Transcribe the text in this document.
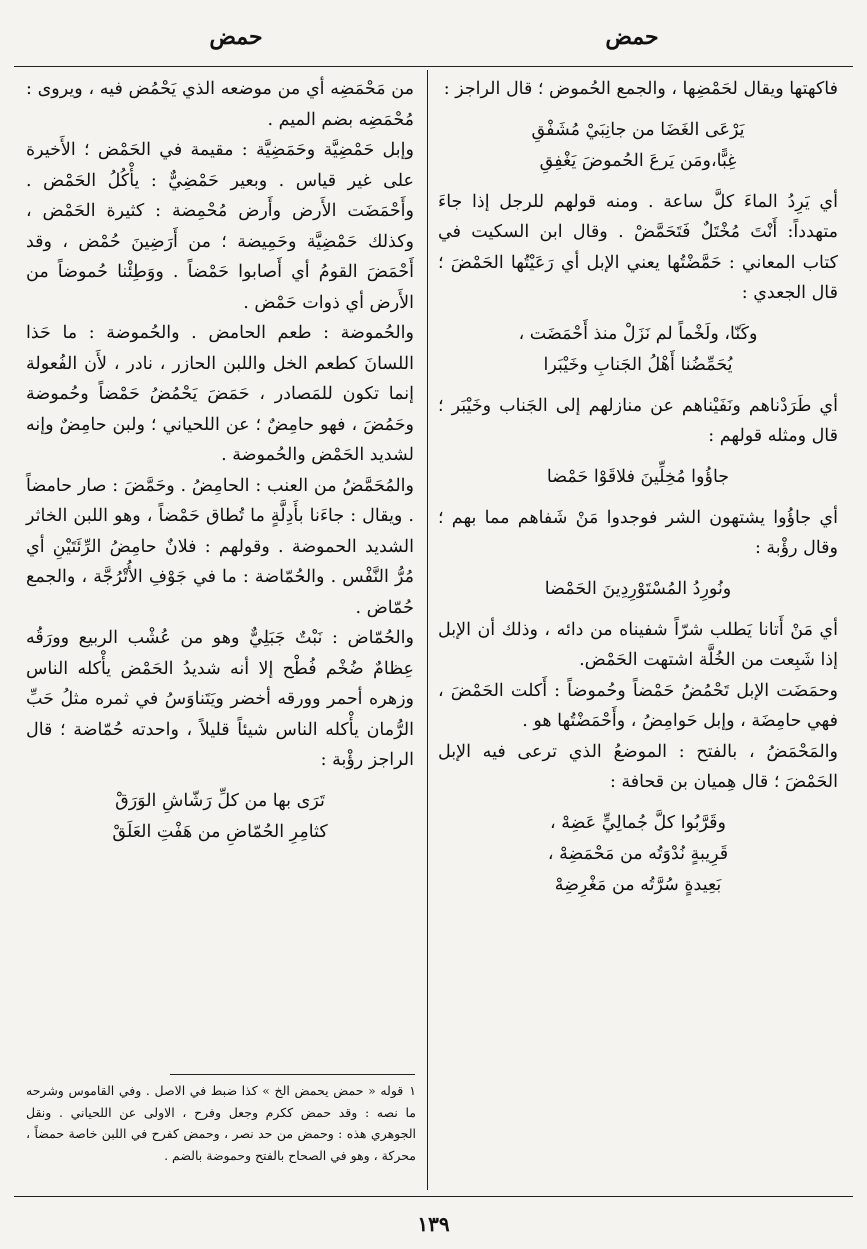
حمض
حمض

فاكهتها ويقال لحَمْضِها ، والجمع الحُموض ؛ قال الراجز :

يَرْعَى الغَضَا من جانِبَيْ مُشَفْقِ
غِبًّا،ومَن يَرعَ الحُموضَ يَغْفِقِ

أي يَرِدُ الماءَ كلَّ ساعة . ومنه قولهم للرجل إذا جاءَ متهدداً: أَنْتَ مُخْتَلٌ فَتَحَمَّضْ . وقال ابن السكيت في كتاب المعاني : حَمَّضْتُها يعني الإبل أي رَعَيْتُها الحَمْضَ ؛ قال الجعدي :

وكَنّا، ولَخْماً لم نَزَلْ منذ أَحْمَضَت ،
يُحَمِّضُنا أَهْلُ الجَنابِ وخَيْبَرا

أي طَرَدْناهم ونَفَيْناهم عن منازلهم إلى الجَناب وخَيْبَر ؛ قال ومثله قولهم :

جاؤُوا مُخِلِّينَ فلاقَوْا حَمْضا

أي جاؤُوا يشتهون الشر فوجدوا مَنْ شَفاهم مما بهم ؛ وقال رؤْبة :

ونُورِدُ المُسْتَوْرِدِينَ الحَمْضا

أي مَنْ أَتانا يَطلب شرّاً شفيناه من دائه ، وذلك أن الإبل إذا شَبِعت من الخُلَّة اشتهت الحَمْض.

وحمَضَت الإبل تَحْمُضُ حَمْضاً وحُموضاً : أَكلت الحَمْضَ ، فهي حامِضَة ، وإبل حَوامِضُ ، وأَحْمَضْتُها هو .

والمَحْمَضُ ، بالفتح : الموضعُ الذي ترعى فيه الإبل الحَمْضَ ؛ قال هِميان بن قحافة :

وقَرَّبُوا كلَّ جُمالِيٍّ عَضِهْ ،
قَرِيبةٍ نُدْوَتُه من مَحْمَضِهْ ،
بَعِيدةٍ سُرَّتُه من مَغْرِضِهْ

من مَحْمَضِه أي من موضعه الذي يَحْمُض فيه ، ويروى : مُحْمَضِه بضم الميم .

وإبل حَمْضِيَّة وحَمَضِيَّة : مقيمة في الحَمْض ؛ الأَخيرة على غير قياس . وبعير حَمْضِيٌّ : يأْكُلُ الحَمْض . وأَحْمَضَت الأَرض وأَرض مُحْمِضة : كثيرة الحَمْض ، وكذلك حَمْضِيَّة وحَمِيضة ؛ من أَرَضِينَ حُمْض ، وقد أَحْمَضَ القومُ أي أَصابوا حَمْضاً . ووَطِئْنا حُموضاً من الأَرض أي ذوات حَمْض .

والحُموضة : طعم الحامض . والحُموضة : ما حَذا اللسانَ كطعم الخل واللبن الحازر ، نادر ، لأَن الفُعولة إنما تكون للمَصادر ، حَمَضَ يَحْمُضُ حَمْضاً وحُموضة وحَمُضَ ، فهو حامِضٌ ؛ عن اللحياني ؛ ولبن حامِضٌ وإنه لشديد الحَمْض والحُموضة .

والمُحَمَّضُ من العنب : الحامِضُ . وحَمَّضَ : صار حامضاً . ويقال : جاءَنا بأَدِلَّةٍ ما تُطاق حَمْضاً ، وهو اللبن الخاثر الشديد الحموضة . وقولهم : فلانٌ حامِضُ الرِّئَتَيْنِ أي مُرُّ النَّفْس . والحُمّاضة : ما في جَوْفِ الأُتْرُجَّة ، والجمع حُمّاض .

والحُمّاض : نَبْتٌ جَبَلِيٌّ وهو من عُشْب الربيع وورَقُه عِظامٌ ضُخْم فُطْح إلا أنه شديدُ الحَمْض يأْكله الناس وزهره أحمر وورقه أخضر ويَتَناوَسُ في ثمره مثلُ حَبِّ الرُّمان يأْكله الناس شيئاً قليلاً ، واحدته حُمّاضة ؛ قال الراجز رؤْبة :

تَرَى بها من كلِّ رَشّاشِ الوَرَقْ
كثامِرِ الحُمّاضِ من هَفْتِ العَلَقْ

١قوله « حمض يحمض الخ » كذا ضبط في الاصل . وفي القاموس وشرحه ما نصه : وقد حمض ككرم وجعل وفرح ، الاولى عن اللحياني . ونقل الجوهري هذه : وحمض من حد نصر ، وحمض كفرح في اللبن خاصة حمضاً ، محركة ، وهو في الصحاح بالفتح وحموضة بالضم .
١٣٩
